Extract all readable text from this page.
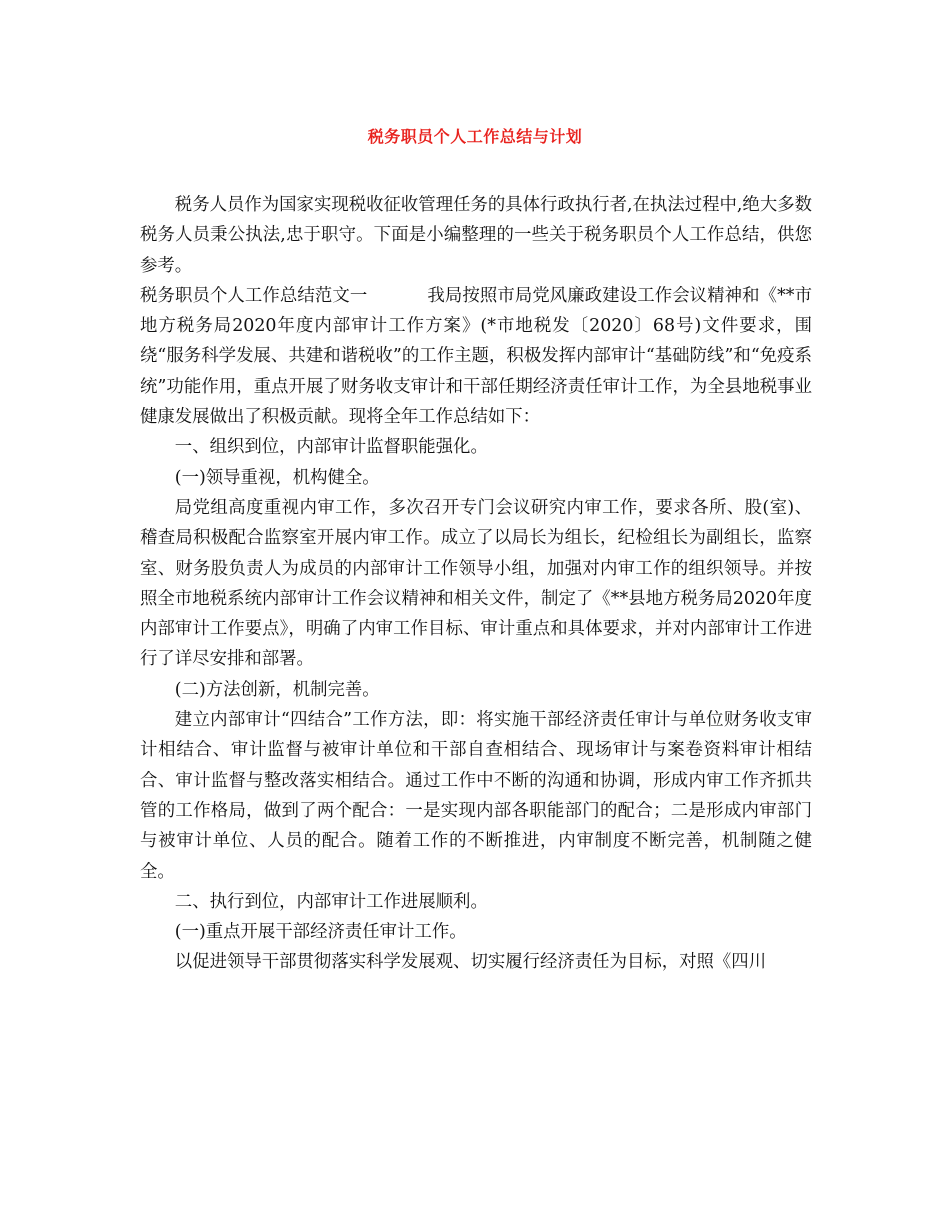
税务职员个人工作总结与计划

税务人员作为国家实现税收征收管理任务的具体行政执行者,在执法过程中,绝大多数税务人员秉公执法,忠于职守。下面是小编整理的一些关于税务职员个人工作总结，供您参考。

税务职员个人工作总结范文一	我局按照市局党风廉政建设工作会议精神和《**市地方税务局2020年度内部审计工作方案》(*市地税发〔2020〕68号)文件要求，围绕“服务科学发展、共建和谐税收”的工作主题，积极发挥内部审计“基础防线”和“免疫系统”功能作用，重点开展了财务收支审计和干部任期经济责任审计工作，为全县地税事业健康发展做出了积极贡献。现将全年工作总结如下：

一、组织到位，内部审计监督职能强化。

(一)领导重视，机构健全。

局党组高度重视内审工作，多次召开专门会议研究内审工作，要求各所、股(室)、稽查局积极配合监察室开展内审工作。成立了以局长为组长，纪检组长为副组长，监察室、财务股负责人为成员的内部审计工作领导小组，加强对内审工作的组织领导。并按照全市地税系统内部审计工作会议精神和相关文件，制定了《**县地方税务局2020年度内部审计工作要点》，明确了内审工作目标、审计重点和具体要求，并对内部审计工作进行了详尽安排和部署。

(二)方法创新，机制完善。

建立内部审计“四结合”工作方法，即：将实施干部经济责任审计与单位财务收支审计相结合、审计监督与被审计单位和干部自查相结合、现场审计与案卷资料审计相结合、审计监督与整改落实相结合。通过工作中不断的沟通和协调，形成内审工作齐抓共管的工作格局，做到了两个配合：一是实现内部各职能部门的配合；二是形成内审部门与被审计单位、人员的配合。随着工作的不断推进，内审制度不断完善，机制随之健全。

二、执行到位，内部审计工作进展顺利。

(一)重点开展干部经济责任审计工作。

以促进领导干部贯彻落实科学发展观、切实履行经济责任为目标，对照《四川
